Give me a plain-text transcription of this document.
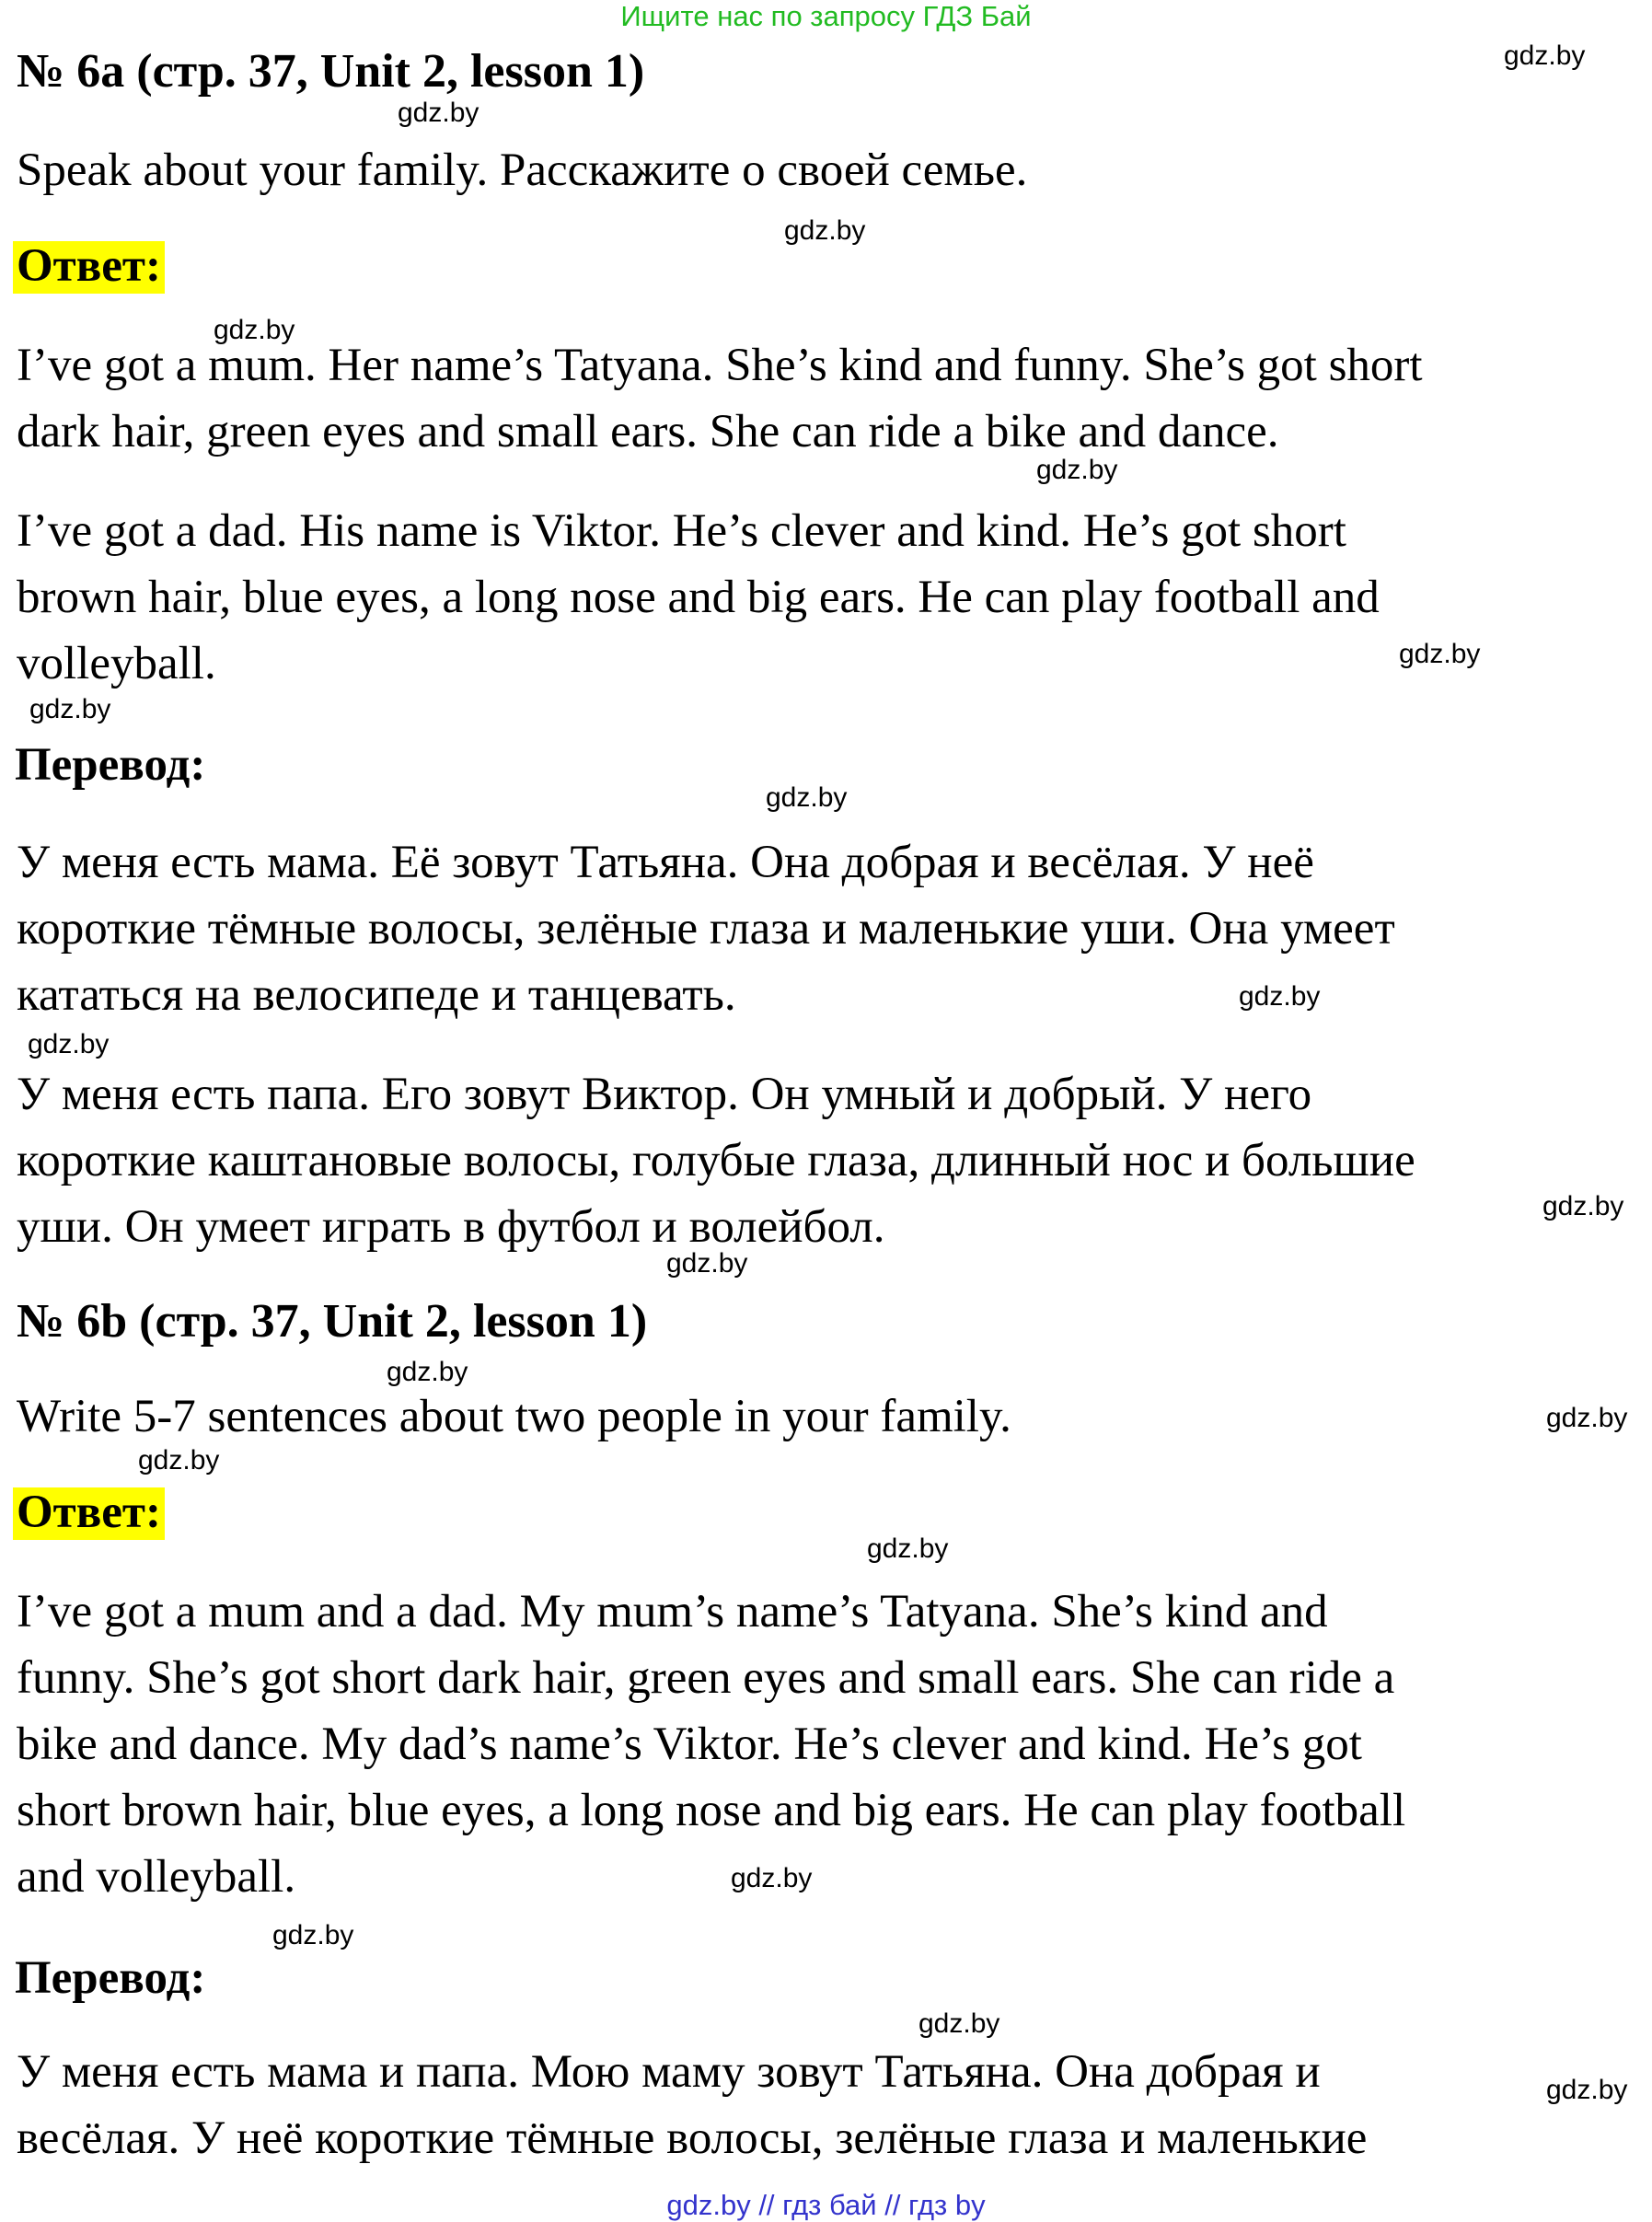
Ищите нас по запросу ГДЗ Бай
№ 6a (стр. 37, Unit 2, lesson 1)
Speak about your family. Расскажите о своей семье.
Ответ:
I’ve got a mum. Her name’s Tatyana. She’s kind and funny. She’s got short
dark hair, green eyes and small ears. She can ride a bike and dance.
I’ve got a dad. His name is Viktor. He’s clever and kind. He’s got short
brown hair, blue eyes, a long nose and big ears. He can play football and
volleyball.
Перевод:
У меня есть мама. Её зовут Татьяна. Она добрая и весёлая. У неё
короткие тёмные волосы, зелёные глаза и маленькие уши. Она умеет
кататься на велосипеде и танцевать.
У меня есть папа. Его зовут Виктор. Он умный и добрый. У него
короткие каштановые волосы, голубые глаза, длинный нос и большие
уши. Он умеет играть в футбол и волейбол.
№ 6b (стр. 37, Unit 2, lesson 1)
Write 5-7 sentences about two people in your family.
Ответ:
I’ve got a mum and a dad. My mum’s name’s Tatyana. She’s kind and
funny. She’s got short dark hair, green eyes and small ears. She can ride a
bike and dance. My dad’s name’s Viktor. He’s clever and kind. He’s got
short brown hair, blue eyes, a long nose and big ears. He can play football
and volleyball.
Перевод:
У меня есть мама и папа. Мою маму зовут Татьяна. Она добрая и
весёлая. У неё короткие тёмные волосы, зелёные глаза и маленькие
gdz.by
gdz.by
gdz.by
gdz.by
gdz.by
gdz.by
gdz.by
gdz.by
gdz.by
gdz.by
gdz.by
gdz.by
gdz.by
gdz.by
gdz.by
gdz.by
gdz.by
gdz.by
gdz.by
gdz.by
gdz.by // гдз бай // гдз by
